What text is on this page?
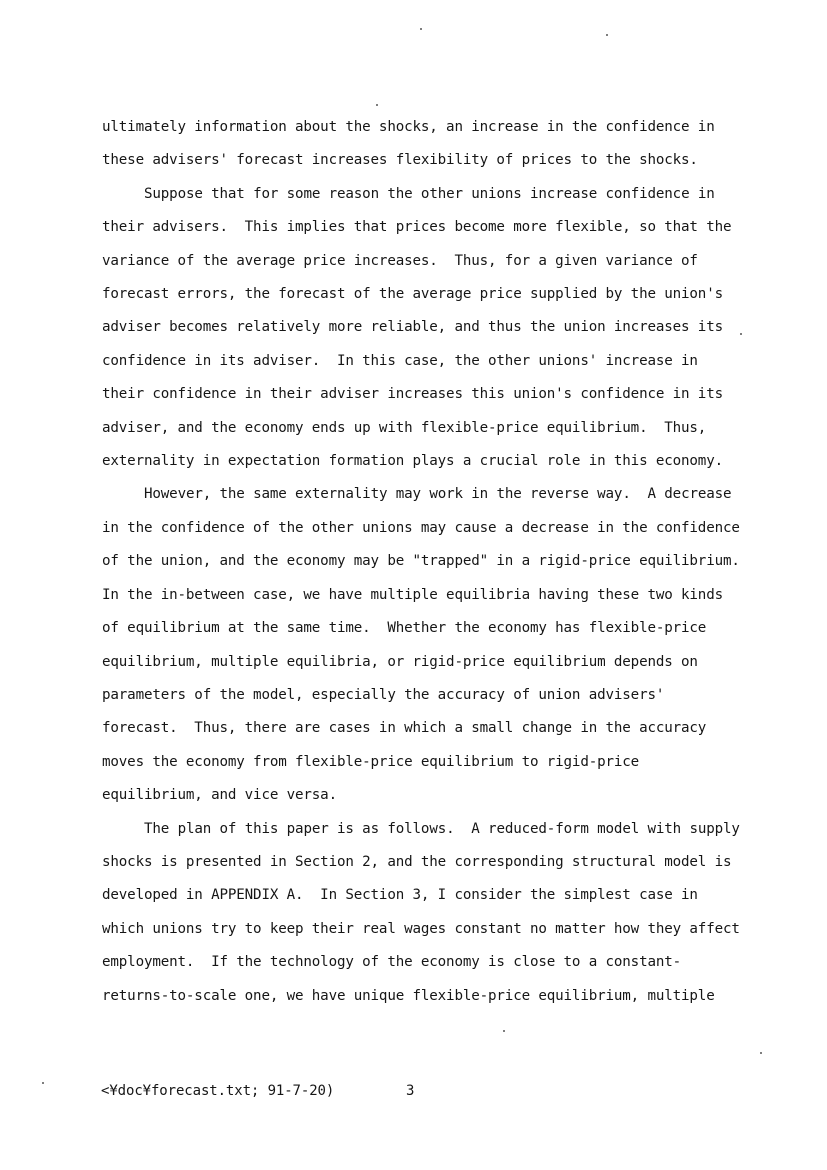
ultimately information about the shocks, an increase in the confidence in
these advisers' forecast increases flexibility of prices to the shocks.
Suppose that for some reason the other unions increase confidence in
their advisers.  This implies that prices become more flexible, so that the
variance of the average price increases.  Thus, for a given variance of
forecast errors, the forecast of the average price supplied by the union's
adviser becomes relatively more reliable, and thus the union increases its
confidence in its adviser.  In this case, the other unions' increase in
their confidence in their adviser increases this union's confidence in its
adviser, and the economy ends up with flexible-price equilibrium.  Thus,
externality in expectation formation plays a crucial role in this economy.
However, the same externality may work in the reverse way.  A decrease
in the confidence of the other unions may cause a decrease in the confidence
of the union, and the economy may be "trapped" in a rigid-price equilibrium.
In the in-between case, we have multiple equilibria having these two kinds
of equilibrium at the same time.  Whether the economy has flexible-price
equilibrium, multiple equilibria, or rigid-price equilibrium depends on
parameters of the model, especially the accuracy of union advisers'
forecast.  Thus, there are cases in which a small change in the accuracy
moves the economy from flexible-price equilibrium to rigid-price
equilibrium, and vice versa.
The plan of this paper is as follows.  A reduced-form model with supply
shocks is presented in Section 2, and the corresponding structural model is
developed in APPENDIX A.  In Section 3, I consider the simplest case in
which unions try to keep their real wages constant no matter how they affect
employment.  If the technology of the economy is close to a constant-
returns-to-scale one, we have unique flexible-price equilibrium, multiple
<¥doc¥forecast.txt; 91-7-20)	3
